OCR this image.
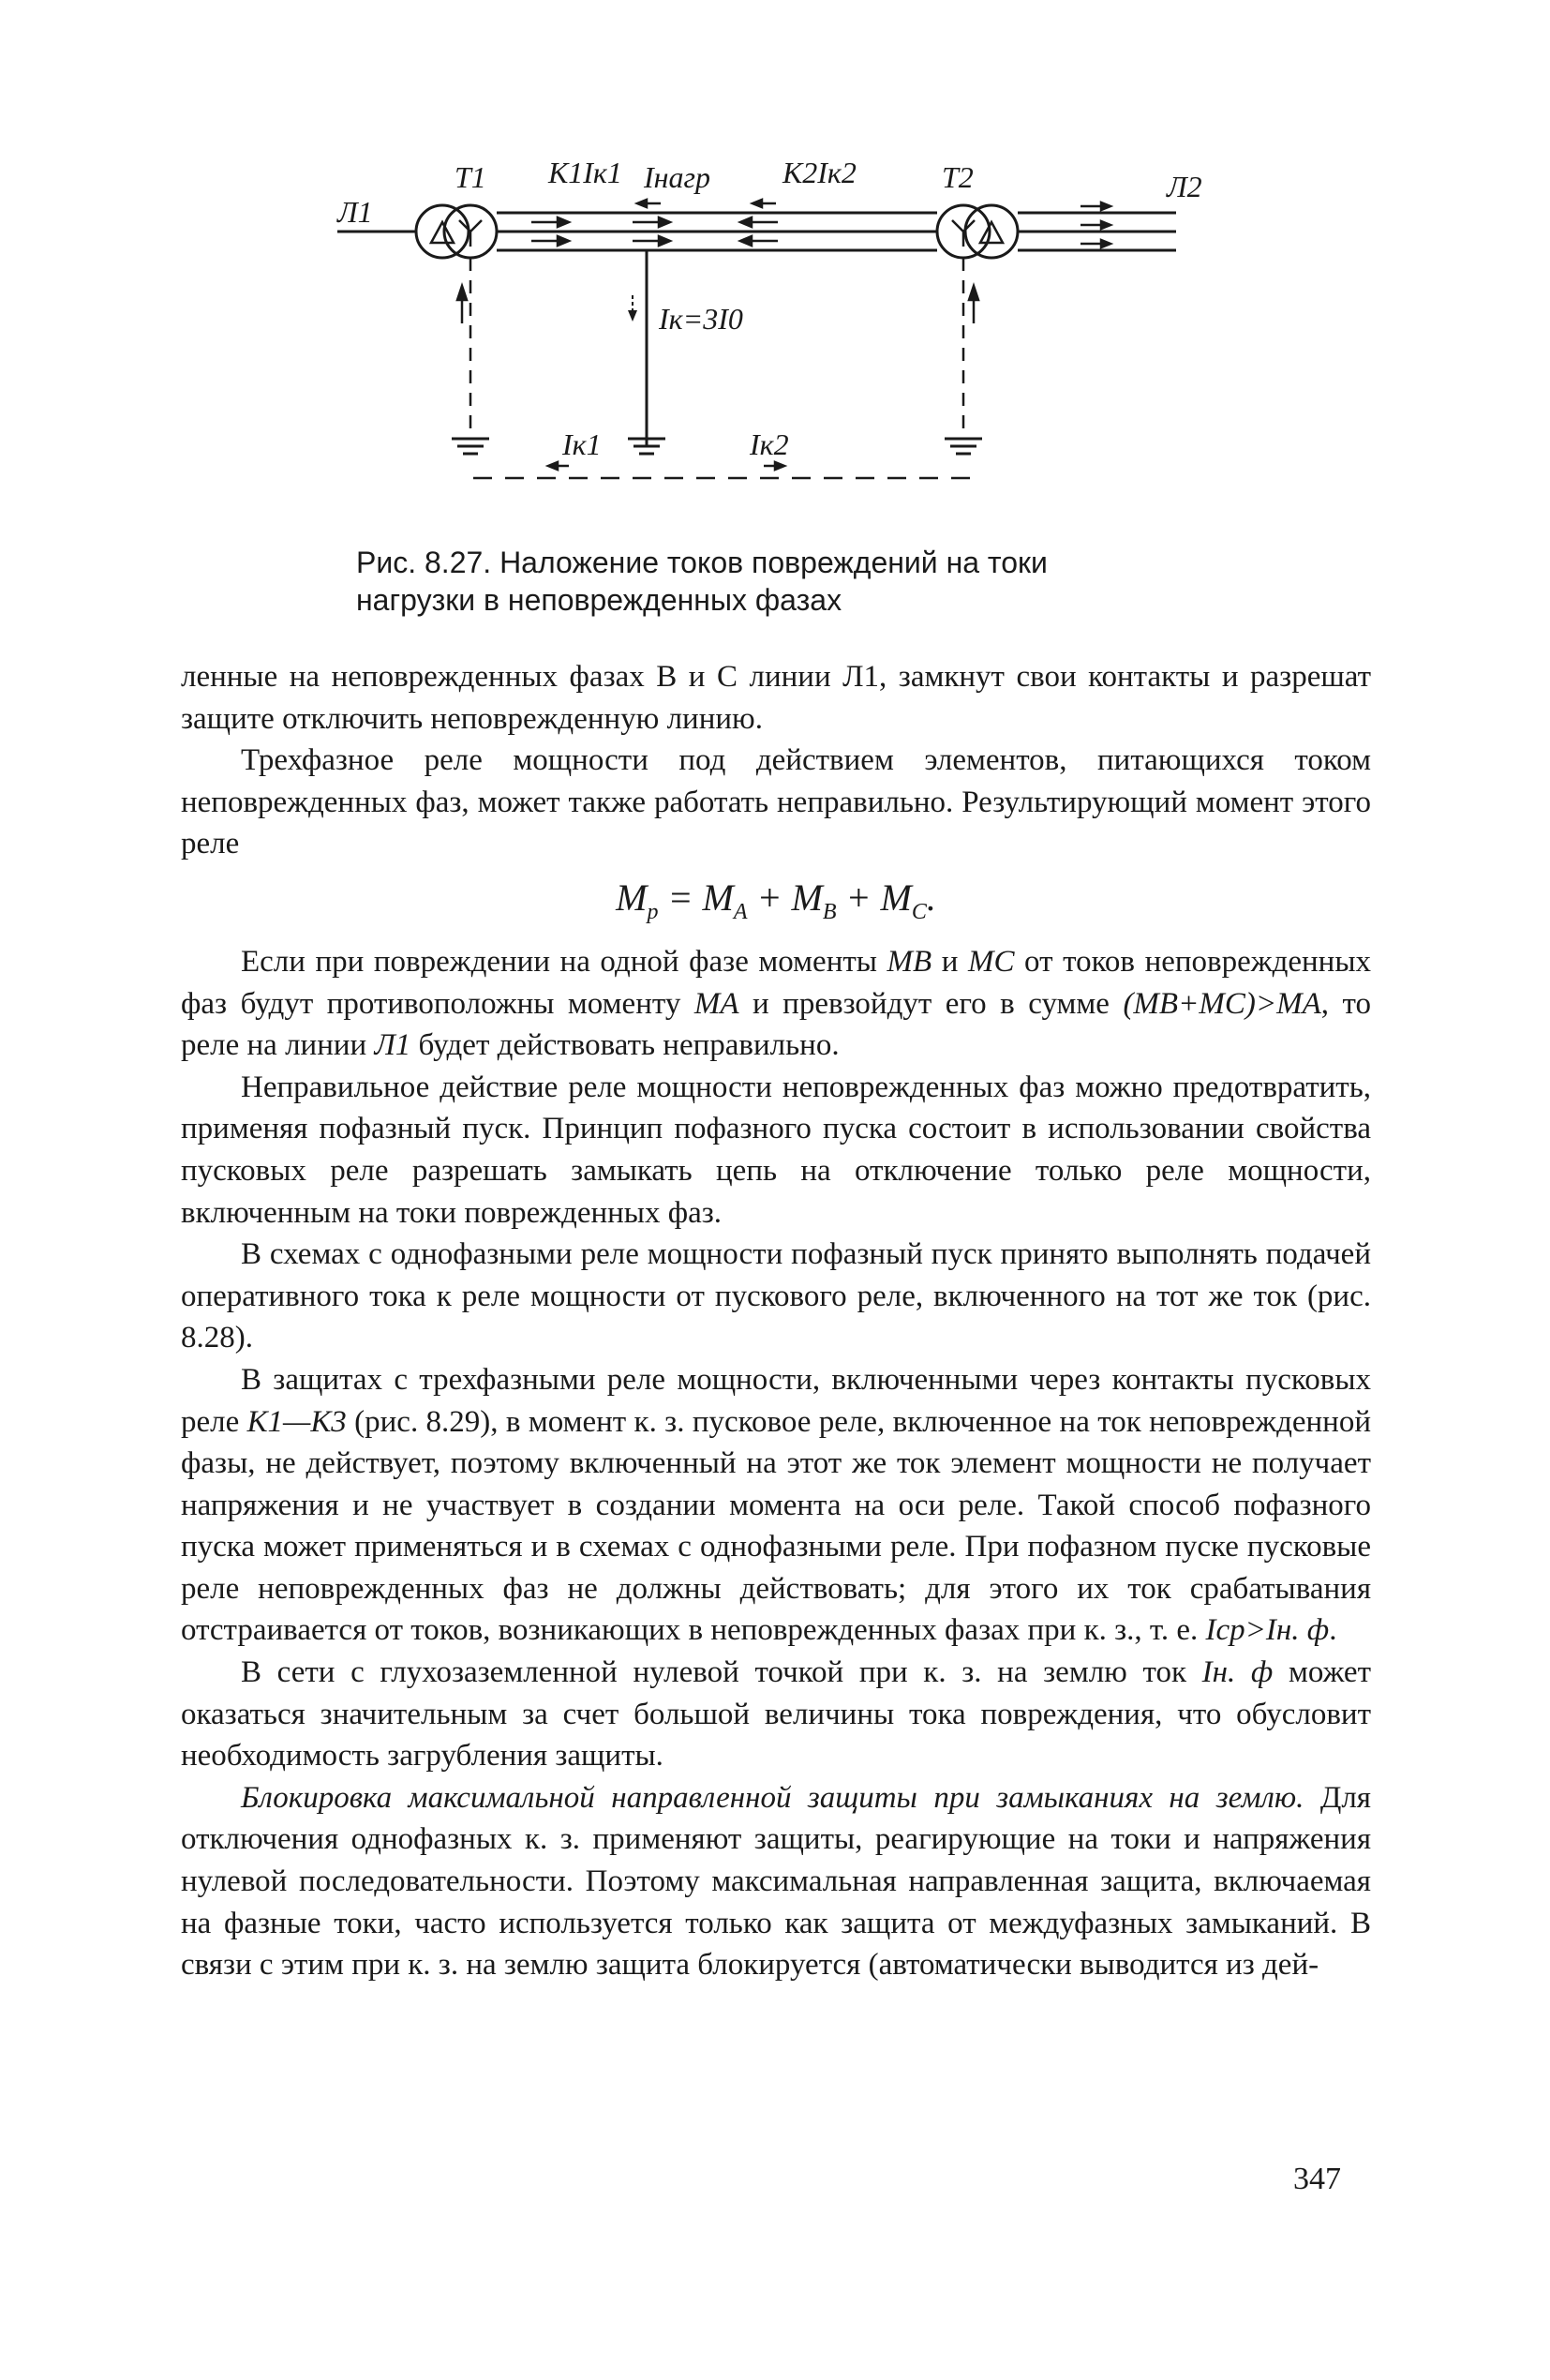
Л1
Т1 К1Iк1 Iнагр К2Iк2	Т2	Л2
Iк=3I0
Iк1	Iк2
Рис. 8.27. Наложение токов повреждений на токи
нагрузки в неповрежденных фазах

ленные на неповрежденных фазах В и С линии Л1, замкнут свои контакты и разрешат защите отключить неповрежденную линию.

Трехфазное реле мощности под действием элементов, питающихся током неповрежденных фаз, может также работать неправильно. Результирующий момент этого реле

$M_р = M_A + M_B + M_C$.

Если при повреждении на одной фазе моменты MВ и MС от токов неповрежденных фаз будут противоположны моменту MA и превзойдут его в сумме (MВ+MС)>MA, то реле на линии Л1 будет действовать неправильно.

Неправильное действие реле мощности неповрежденных фаз можно предотвратить, применяя пофазный пуск. Принцип пофазного пуска состоит в использовании свойства пусковых реле разрешать замыкать цепь на отключение только реле мощности, включенным на токи поврежденных фаз.

В схемах с однофазными реле мощности пофазный пуск принято выполнять подачей оперативного тока к реле мощности от пускового реле, включенного на тот же ток (рис. 8.28).

В защитах с трехфазными реле мощности, включенными через контакты пусковых реле К1—К3 (рис. 8.29), в момент к. з. пусковое реле, включенное на ток неповрежденной фазы, не действует, поэтому включенный на этот же ток элемент мощности не получает напряжения и не участвует в создании момента на оси реле. Такой способ пофазного пуска может применяться и в схемах с однофазными реле. При пофазном пуске пусковые реле неповрежденных фаз не должны действовать; для этого их ток срабатывания отстраивается от токов, возникающих в неповрежденных фазах при к. з., т. е. Iср>Iн. ф.

В сети с глухозаземленной нулевой точкой при к. з. на землю ток Iн. ф может оказаться значительным за счет большой величины тока повреждения, что обусловит необходимость загрубления защиты.

Блокировка максимальной направленной защиты при замыканиях на землю. Для отключения однофазных к. з. применяют защиты, реагирующие на токи и напряжения нулевой последовательности. Поэтому максимальная направленная защита, включаемая на фазные токи, часто используется только как защита от междуфазных замыканий. В связи с этим при к. з. на землю защита блокируется (автоматически выводится из дей-

347
